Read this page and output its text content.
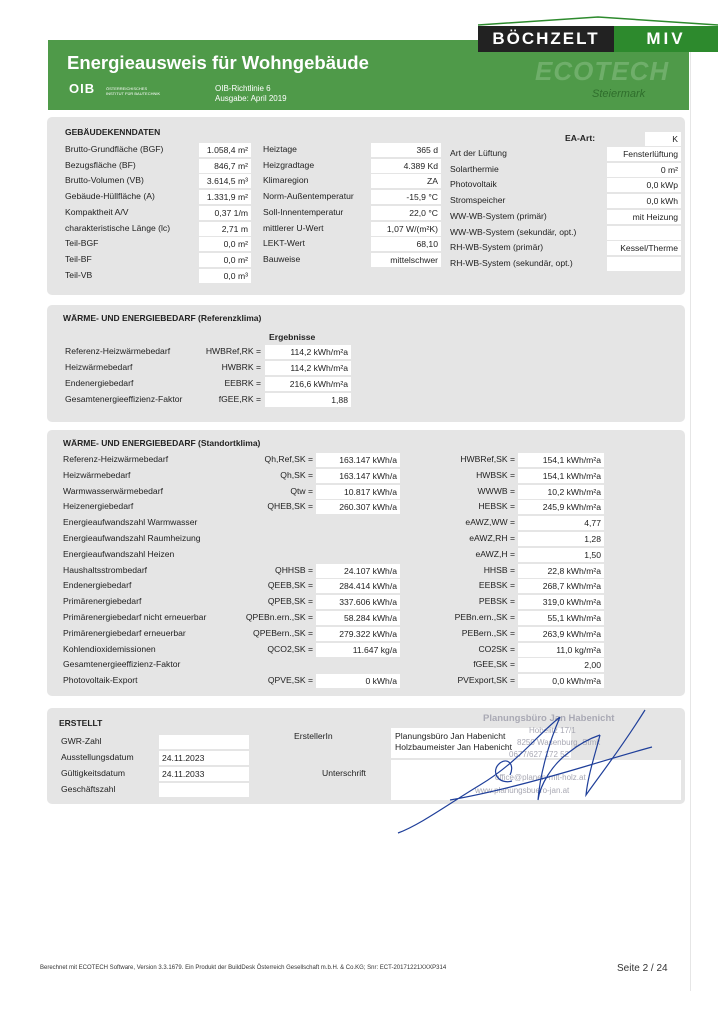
Energieausweis für Wohngebäude
OIB	ÖSTERREICHISCHES INSTITUT FÜR BAUTECHNIK
OIB-Richtlinie 6
Ausgabe: April 2019
ECOTECH
Steiermark
BÖCHZELT	MIV
GEBÄUDEKENNDATEN
EA-Art:	K
Brutto-Grundfläche (BGF)	1.058,4 m²
Bezugsfläche (BF)	846,7 m²
Brutto-Volumen (VB)	3.614,5 m³
Gebäude-Hüllfläche (A)	1.331,9 m²
Kompaktheit A/V	0,37 1/m
charakteristische Länge (lc)	2,71 m
Teil-BGF	0,0 m²
Teil-BF	0,0 m²
Teil-VB	0,0 m³
Heiztage	365 d
Heizgradtage	4.389 Kd
Klimaregion	ZA
Norm-Außentemperatur	-15,9 °C
Soll-Innentemperatur	22,0 °C
mittlerer U-Wert	1,07 W/(m²K)
LEKT-Wert	68,10
Bauweise	mittelschwer
Art der Lüftung	Fensterlüftung
Solarthermie	0 m²
Photovoltaik	0,0 kWp
Stromspeicher	0,0 kWh
WW-WB-System (primär)	mit Heizung
WW-WB-System (sekundär, opt.)
RH-WB-System (primär)	Kessel/Therme
RH-WB-System (sekundär, opt.)
WÄRME- UND ENERGIEBEDARF (Referenzklima)
Ergebnisse
Referenz-Heizwärmebedarf	HWBRef,RK =	114,2 kWh/m²a
Heizwärmebedarf	HWBRK =	114,2 kWh/m²a
Endenergiebedarf	EEBRK =	216,6 kWh/m²a
Gesamtenergieeffizienz-Faktor	fGEE,RK =	1,88
WÄRME- UND ENERGIEBEDARF (Standortklima)
Referenz-Heizwärmebedarf	Qh,Ref,SK =	163.147 kWh/a	HWBRef,SK =	154,1 kWh/m²a
Heizwärmebedarf	Qh,SK =	163.147 kWh/a	HWBSK =	154,1 kWh/m²a
Warmwasserwärmebedarf	Qtw =	10.817 kWh/a	WWWB =	10,2 kWh/m²a
Heizenergiebedarf	QHEB,SK =	260.307 kWh/a	HEBSK =	245,9 kWh/m²a
Energieaufwandszahl Warmwasser	eAWZ,WW =	4,77
Energieaufwandszahl Raumheizung	eAWZ,RH =	1,28
Energieaufwandszahl Heizen	eAWZ,H =	1,50
Haushaltsstrombedarf	QHHSB =	24.107 kWh/a	HHSB =	22,8 kWh/m²a
Endenergiebedarf	QEEB,SK =	284.414 kWh/a	EEBSK =	268,7 kWh/m²a
Primärenergiebedarf	QPEB,SK =	337.606 kWh/a	PEBSK =	319,0 kWh/m²a
Primärenergiebedarf nicht erneuerbar	QPEBn.ern.,SK =	58.284 kWh/a	PEBn.ern.,SK =	55,1 kWh/m²a
Primärenergiebedarf erneuerbar	QPEBern.,SK =	279.322 kWh/a	PEBern.,SK =	263,9 kWh/m²a
Kohlendioxidemissionen	QCO2,SK =	11.647 kg/a	CO2SK =	11,0 kg/m²a
Gesamtenergieeffizienz-Faktor	fGEE,SK =	2,00
Photovoltaik-Export	QPVE,SK =	0 kWh/a	PVExport,SK =	0,0 kWh/m²a
ERSTELLT
ErstellerIn	Planungsbüro Jan Habenicht
Holzbaumeister Jan Habenicht
Unterschrift
Planungsbüro Jan Habenicht
Hobelitz 17/1
8250 Wasenburg, Stmk
0677/627 172 52
office@planen-mit-holz.at
www.planungsbuero-jan.at
GWR-Zahl
Ausstellungsdatum	24.11.2023
Gültigkeitsdatum	24.11.2033
Geschäftszahl
Berechnet mit ECOTECH Software, Version 3.3.1679. Ein Produkt der BuildDesk Österreich Gesellschaft m.b.H. & Co.KG; Snr: ECT-20171221XXXP314	Seite 2 / 24
